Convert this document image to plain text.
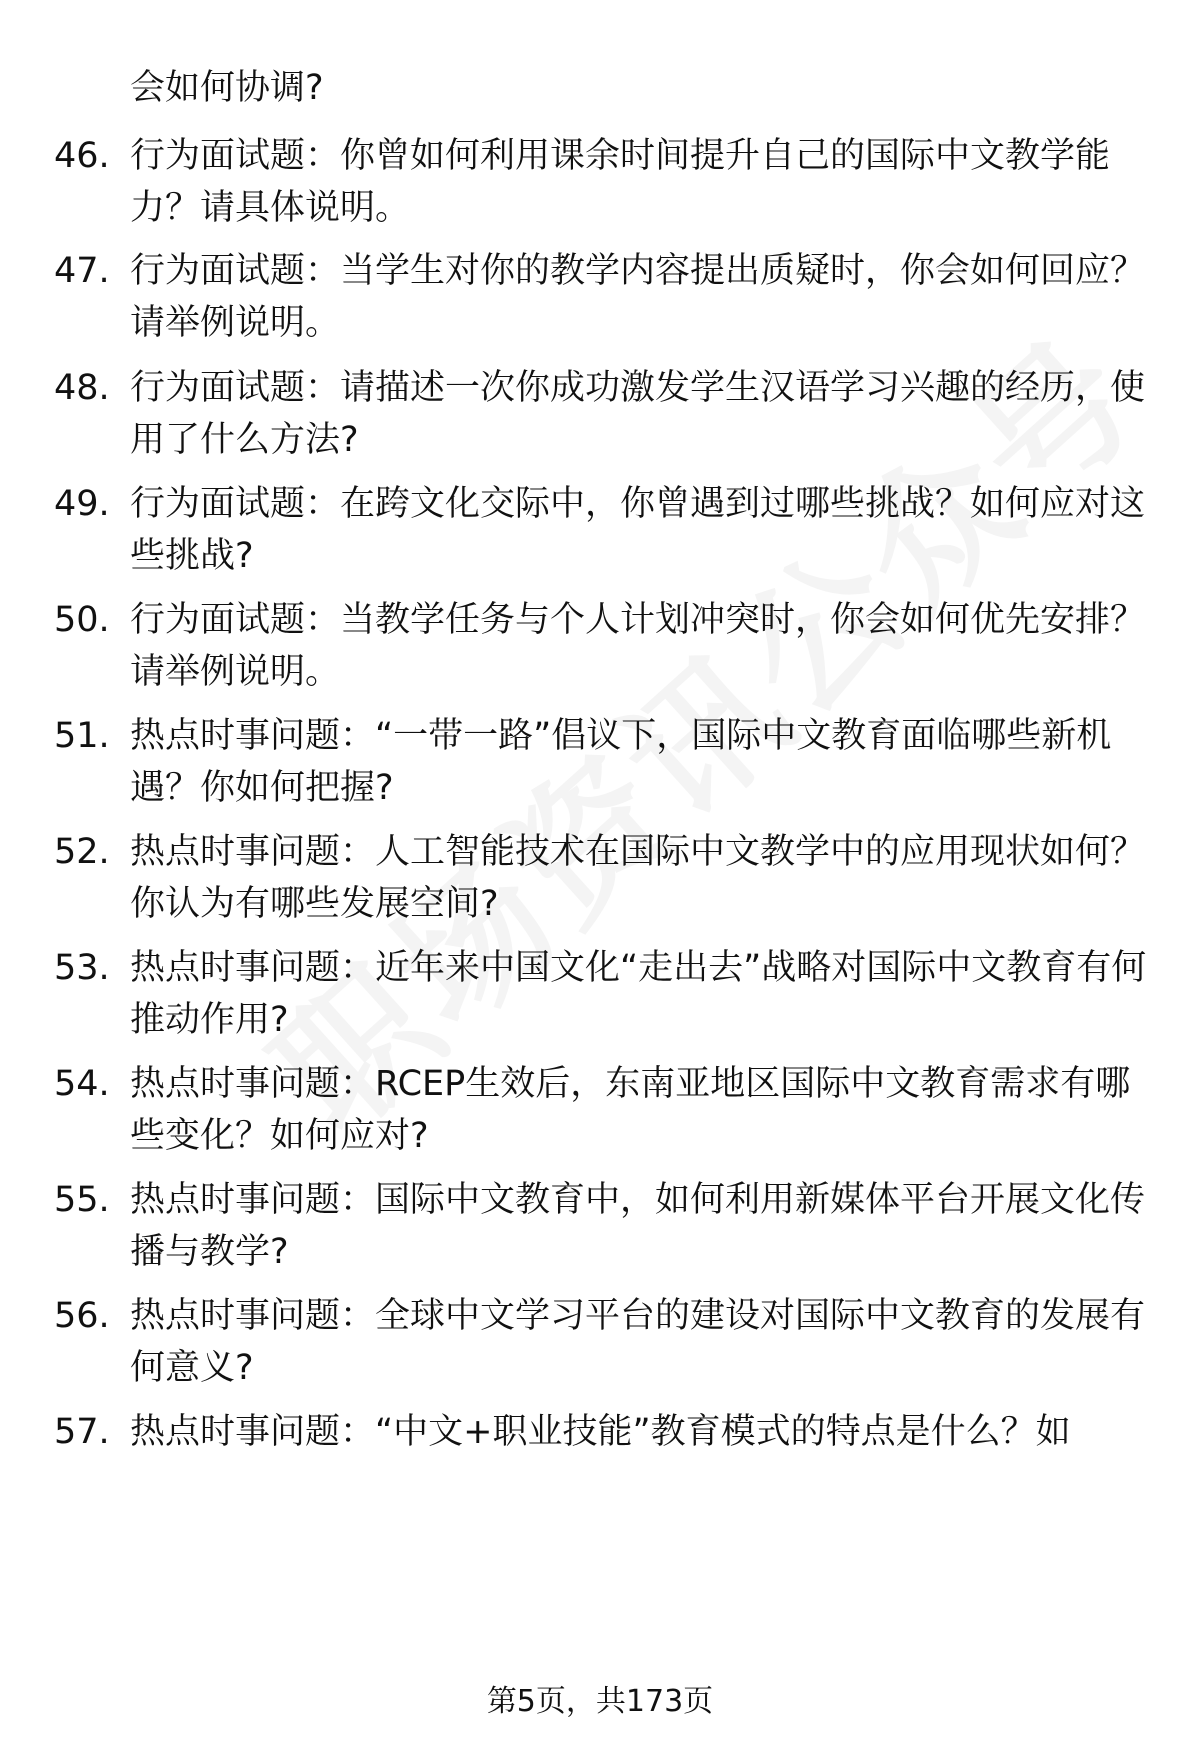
会如何协调?
46. 行为面试题：你曾如何利用课余时间提升自己的国际中文教学能力？请具体说明。
47. 行为面试题：当学生对你的教学内容提出质疑时，你会如何回应？请举例说明。
48. 行为面试题：请描述一次你成功激发学生汉语学习兴趣的经历，使用了什么方法?
49. 行为面试题：在跨文化交际中，你曾遇到过哪些挑战？如何应对这些挑战?
50. 行为面试题：当教学任务与个人计划冲突时，你会如何优先安排？请举例说明。
51. 热点时事问题：“一带一路”倡议下，国际中文教育面临哪些新机遇？你如何把握?
52. 热点时事问题：人工智能技术在国际中文教学中的应用现状如何？你认为有哪些发展空间?
53. 热点时事问题：近年来中国文化“走出去”战略对国际中文教育有何推动作用?
54. 热点时事问题：RCEP生效后，东南亚地区国际中文教育需求有哪些变化？如何应对?
55. 热点时事问题：国际中文教育中，如何利用新媒体平台开展文化传播与教学?
56. 热点时事问题：全球中文学习平台的建设对国际中文教育的发展有何意义?
57. 热点时事问题：“中文+职业技能”教育模式的特点是什么？如
第5页，共173页
